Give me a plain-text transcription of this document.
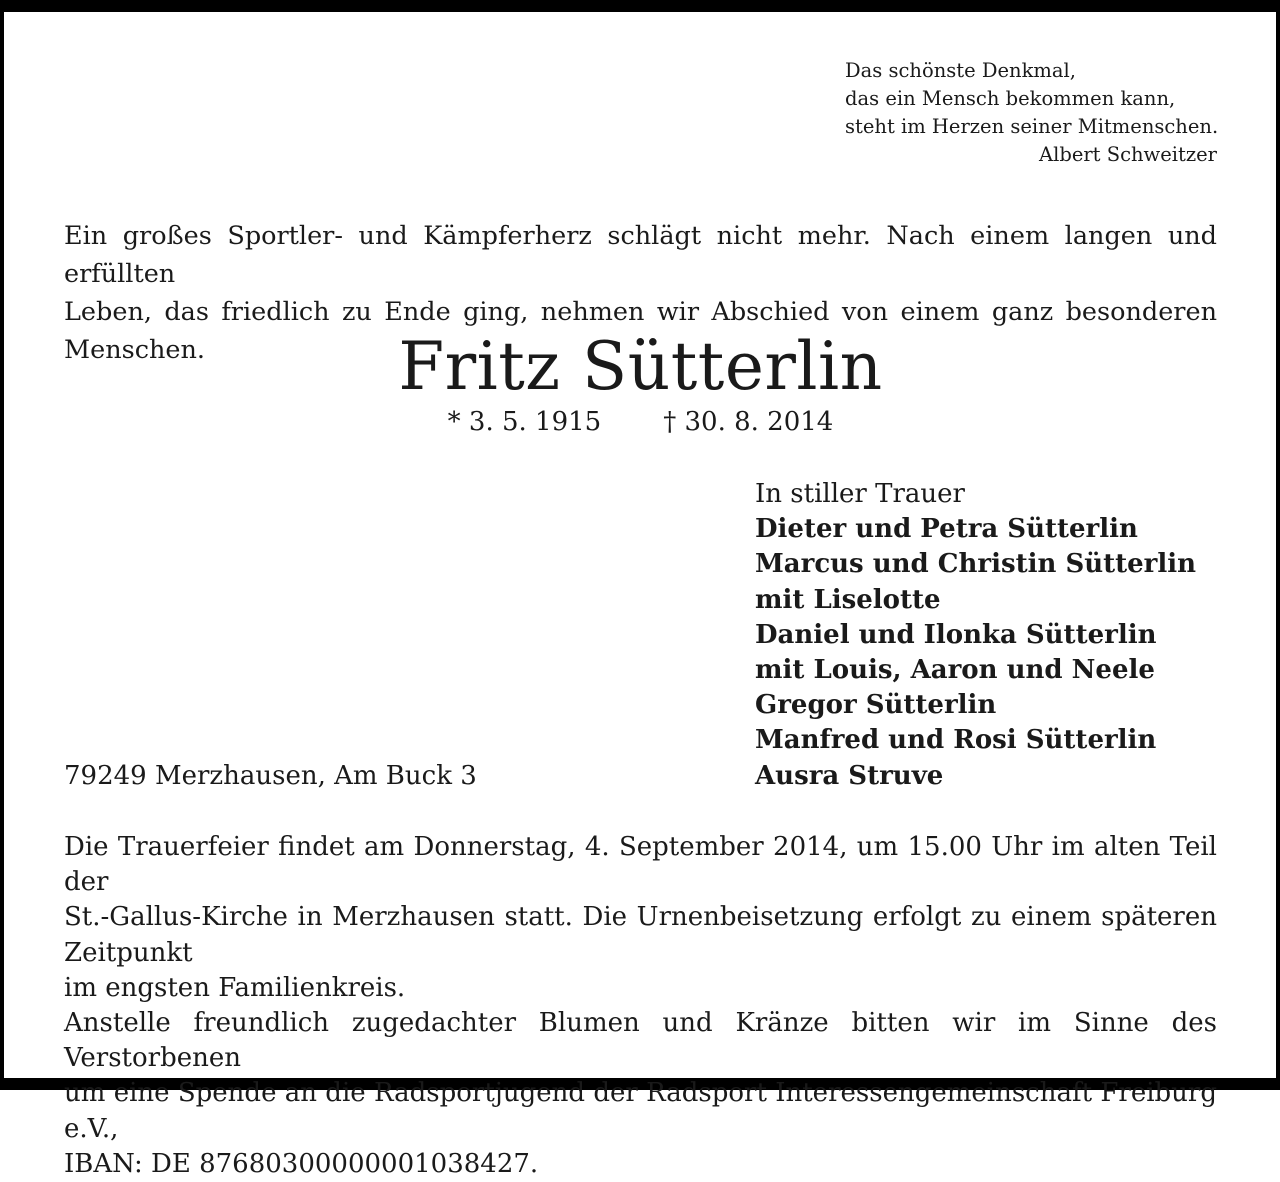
Das schönste Denkmal,
das ein Mensch bekommen kann,
steht im Herzen seiner Mitmenschen.
Albert Schweitzer
Ein großes Sportler- und Kämpferherz schlägt nicht mehr. Nach einem langen und erfüllten
Leben, das friedlich zu Ende ging, nehmen wir Abschied von einem ganz besonderen Menschen.	Fritz Sütterlin
* 3. 5. 1915 † 30. 8. 2014
In stiller Trauer
Dieter und Petra Sütterlin
Marcus und Christin Sütterlin
mit Liselotte
Daniel und Ilonka Sütterlin
mit Louis, Aaron und Neele
Gregor Sütterlin
Manfred und Rosi Sütterlin
Ausra Struve
79249 Merzhausen, Am Buck 3
Die Trauerfeier findet am Donnerstag, 4. September 2014, um 15.00 Uhr im alten Teil der
St.-Gallus-Kirche in Merzhausen statt. Die Urnenbeisetzung erfolgt zu einem späteren Zeitpunkt
im engsten Familienkreis.
Anstelle freundlich zugedachter Blumen und Kränze bitten wir im Sinne des Verstorbenen
um eine Spende an die Radsportjugend der Radsport Interessengemeinschaft Freiburg e.V.,
IBAN: DE 87680300000001038427.
